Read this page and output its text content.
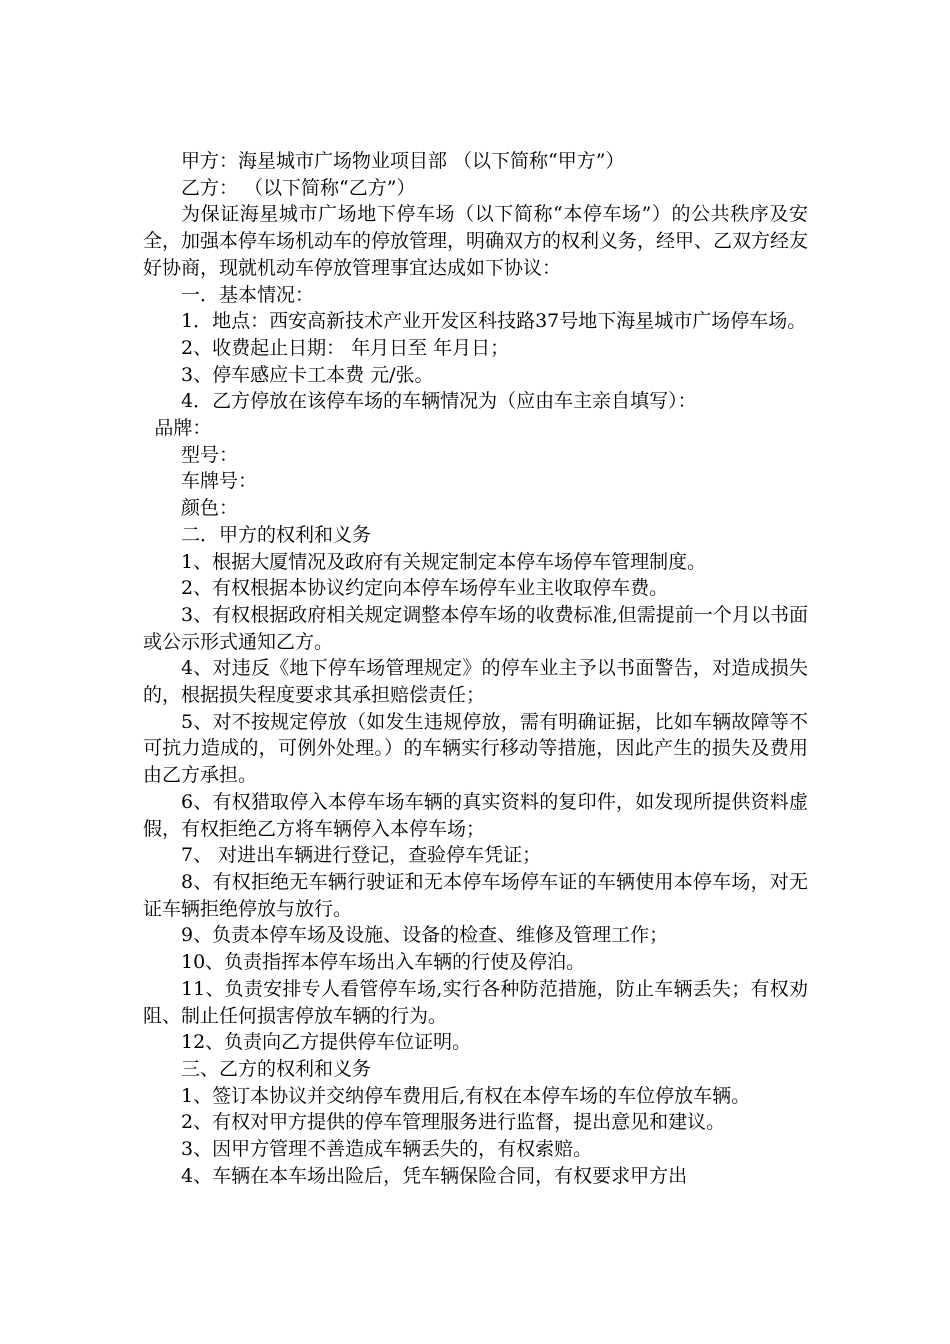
甲方：海星城市广场物业项目部 （以下简称“甲方”）

乙方： （以下简称“乙方”）

为保证海星城市广场地下停车场（以下简称“本停车场”）的公共秩序及安全，加强本停车场机动车的停放管理，明确双方的权利义务，经甲、乙双方经友好协商，现就机动车停放管理事宜达成如下协议：

一．基本情况：

1．地点：西安高新技术产业开发区科技路37号地下海星城市广场停车场。

2、收费起止日期： 年月日至 年月日；

3、停车感应卡工本费 元/张。

4．乙方停放在该停车场的车辆情况为（应由车主亲自填写）：

品牌：

型号：

车牌号：

颜色：

二．甲方的权利和义务

1、根据大厦情况及政府有关规定制定本停车场停车管理制度。

2、有权根据本协议约定向本停车场停车业主收取停车费。

3、有权根据政府相关规定调整本停车场的收费标准,但需提前一个月以书面或公示形式通知乙方。

4、对违反《地下停车场管理规定》的停车业主予以书面警告，对造成损失的，根据损失程度要求其承担赔偿责任；

5、对不按规定停放（如发生违规停放，需有明确证据，比如车辆故障等不可抗力造成的，可例外处理。）的车辆实行移动等措施，因此产生的损失及费用由乙方承担。

6、有权猎取停入本停车场车辆的真实资料的复印件，如发现所提供资料虚假，有权拒绝乙方将车辆停入本停车场；

7、 对进出车辆进行登记，查验停车凭证；

8、有权拒绝无车辆行驶证和无本停车场停车证的车辆使用本停车场，对无证车辆拒绝停放与放行。

9、负责本停车场及设施、设备的检查、维修及管理工作；

10、负责指挥本停车场出入车辆的行使及停泊。

11、负责安排专人看管停车场,实行各种防范措施，防止车辆丢失；有权劝阻、制止任何损害停放车辆的行为。

12、负责向乙方提供停车位证明。

三、乙方的权利和义务

1、签订本协议并交纳停车费用后,有权在本停车场的车位停放车辆。

2、有权对甲方提供的停车管理服务进行监督，提出意见和建议。

3、因甲方管理不善造成车辆丢失的，有权索赔。

4、车辆在本车场出险后，凭车辆保险合同，有权要求甲方出
